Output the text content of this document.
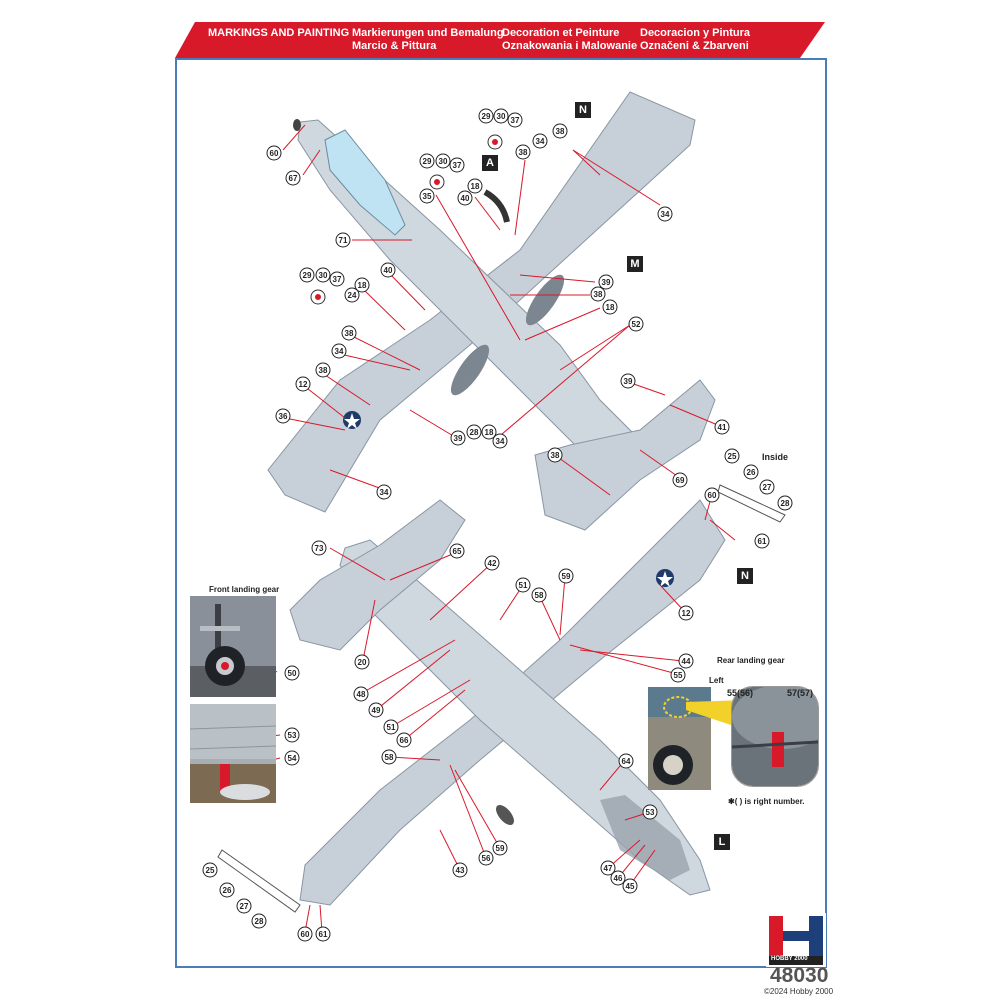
MARKINGS AND PAINTING Markierungen und Bemalung
Marcio & Pittura
Decoration et Peinture
Oznakowania i Malowanie
Decoracion y Pintura
Označeni & Zbarveni
60
67
71
29 30 37
29 30 37
35
18
40
38
34
38
34
39
38
18
52
29 30 37
40
18
24
38
34
38
12
36
34
39
28 18
34
38
69
41
39
25
26
27
28
60
61
73	65
42
51
58
59
20
48
49
51
66
44
55
12
58
56
59
43
64
53
47
46
45
60 61
25
26
27
28
50
53
54
N
A
M
N
L
Inside
Front landing gear
Rear landing gear
Left
55(56)	57(57)
✱( ) is right number.
HOBBY 2000
48030
©2024 Hobby 2000
